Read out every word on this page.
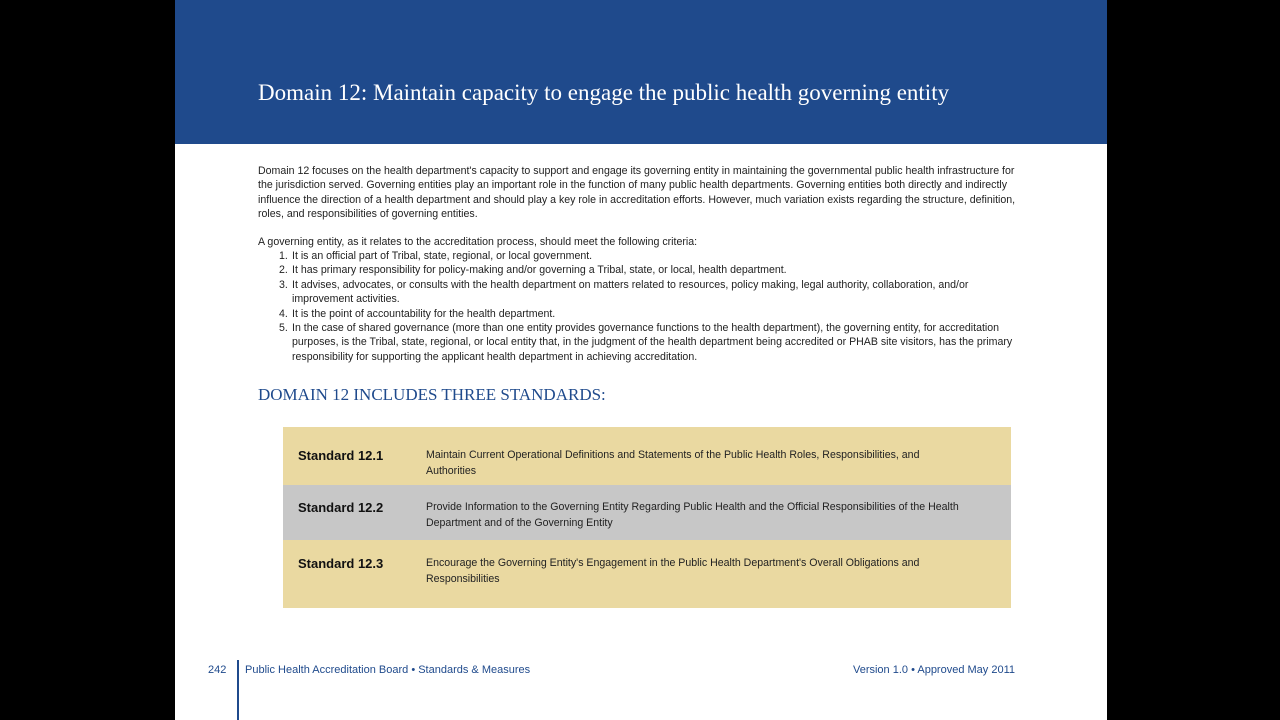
Domain 12: Maintain capacity to engage the public health governing entity

Domain 12 focuses on the health department's capacity to support and engage its governing entity in maintaining the governmental public health infrastructure for the jurisdiction served. Governing entities play an important role in the function of many public health departments. Governing entities both directly and indirectly influence the direction of a health department and should play a key role in accreditation efforts. However, much variation exists regarding the structure, definition, roles, and responsibilities of governing entities.

A governing entity, as it relates to the accreditation process, should meet the following criteria:

1. It is an official part of Tribal, state, regional, or local government.
2. It has primary responsibility for policy-making and/or governing a Tribal, state, or local, health department.
3. It advises, advocates, or consults with the health department on matters related to resources, policy making, legal authority, collaboration, and/or improvement activities.
4. It is the point of accountability for the health department.
5. In the case of shared governance (more than one entity provides governance functions to the health department), the governing entity, for accreditation purposes, is the Tribal, state, regional, or local entity that, in the judgment of the health department being accredited or PHAB site visitors, has the primary responsibility for supporting the applicant health department in achieving accreditation.
DOMAIN 12 INCLUDES THREE STANDARDS:
Standard 12.1	Maintain Current Operational Definitions and Statements of the Public Health Roles, Responsibilities, and Authorities
Standard 12.2	Provide Information to the Governing Entity Regarding Public Health and the Official Responsibilities of the Health Department and of the Governing Entity
Standard 12.3	Encourage the Governing Entity's Engagement in the Public Health Department's Overall Obligations and Responsibilities
242 Public Health Accreditation Board • Standards & Measures	Version 1.0 • Approved May 2011
